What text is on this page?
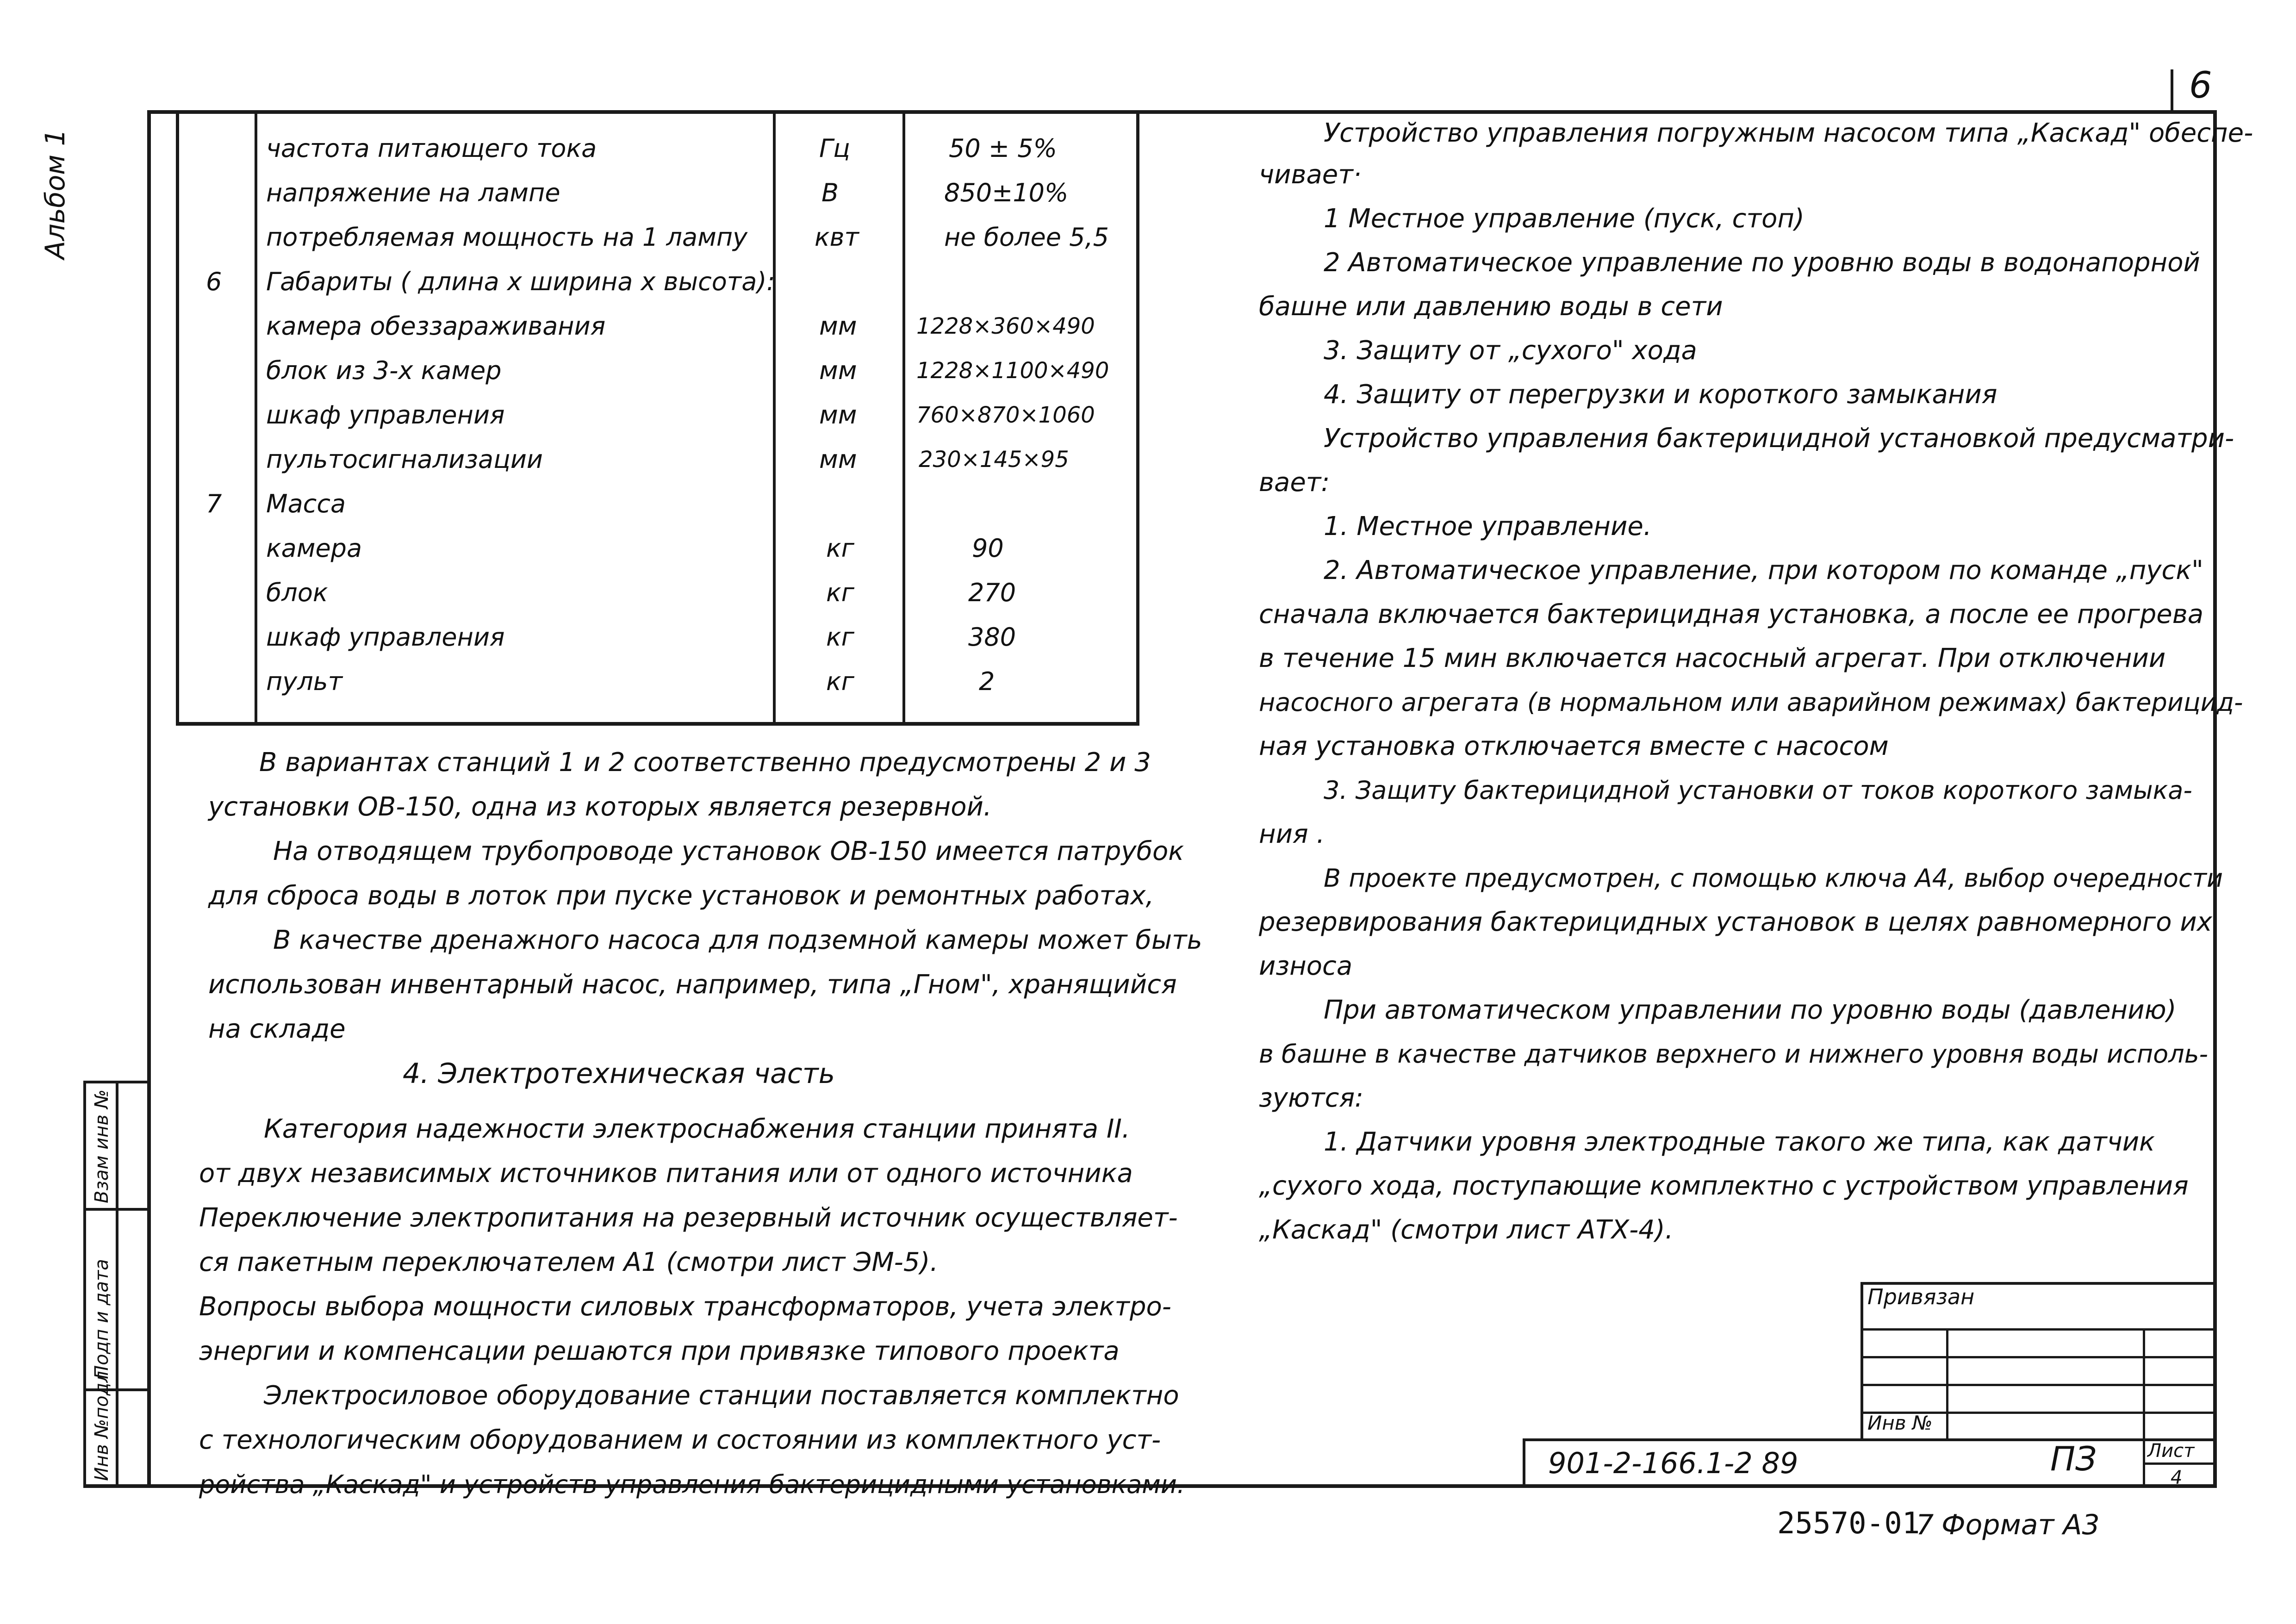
6
Альбом 1
Взам инв №
Подп и дата
Инв №подл
частота питающего тока	Гц	50 ± 5%
напряжение на лампе	В	850±10%
потребляемая мощность на 1 лампу	квт	не более 5,5
6 Габариты ( длина х ширина х высота):
камера обеззараживания	мм	1228×360×490
блок из 3-х камер	мм	1228×1100×490
шкаф управления	мм	760×870×1060
пультосигнализации	мм	230×145×95
7 Масса
камера	кг	90
блок	кг	270
шкаф управления	кг	380
пульт	кг	2
В вариантах станций 1 и 2 соответственно предусмотрены 2 и 3
установки ОВ-150, одна из которых является резервной.
На отводящем трубопроводе установок ОВ-150 имеется патрубок
для сброса воды в лоток при пуске установок и ремонтных работах,
В качестве дренажного насоса для подземной камеры может быть
использован инвентарный насос, например, типа „Гном", хранящийся
на складе
4. Электротехническая часть
Категория надежности электроснабжения станции принята II.
от двух независимых источников питания или от одного источника
Переключение электропитания на резервный источник осуществляет-
ся пакетным переключателем А1 (смотри лист ЭМ-5).
Вопросы выбора мощности силовых трансформаторов, учета электро-
энергии и компенсации решаются при привязке типового проекта
Электросиловое оборудование станции поставляется комплектно
с технологическим оборудованием и состоянии из комплектного уст-
ройства „Каскад" и устройств управления бактерицидными установками.
Устройство управления погружным насосом типа „Каскад" обеспе-
чивает·
1 Местное управление (пуск, стоп)
2 Автоматическое управление по уровню воды в водонапорной
башне или давлению воды в сети
3. Защиту от „сухого" хода
4. Защиту от перегрузки и короткого замыкания
Устройство управления бактерицидной установкой предусматри-
вает:
1. Местное управление.
2. Автоматическое управление, при котором по команде „пуск"
сначала включается бактерицидная установка, а после ее прогрева
в течение 15 мин включается насосный агрегат. При отключении
насосного агрегата (в нормальном или аварийном режимах) бактерицид-
ная установка отключается вместе с насосом
3. Защиту бактерицидной установки от токов короткого замыка-
ния .
В проекте предусмотрен, с помощью ключа А4, выбор очередности
резервирования бактерицидных установок в целях равномерного их
износа
При автоматическом управлении по уровню воды (давлению)
в башне в качестве датчиков верхнего и нижнего уровня воды исполь-
зуются:
1. Датчики уровня электродные такого же типа, как датчик
„сухого хода, поступающие комплектно с устройством управления
„Каскад" (смотри лист АТХ-4).
Привязан
Инв №
901-2-166.1-2 89	ПЗ	Лист
4
25570-01
7 Формат А3
